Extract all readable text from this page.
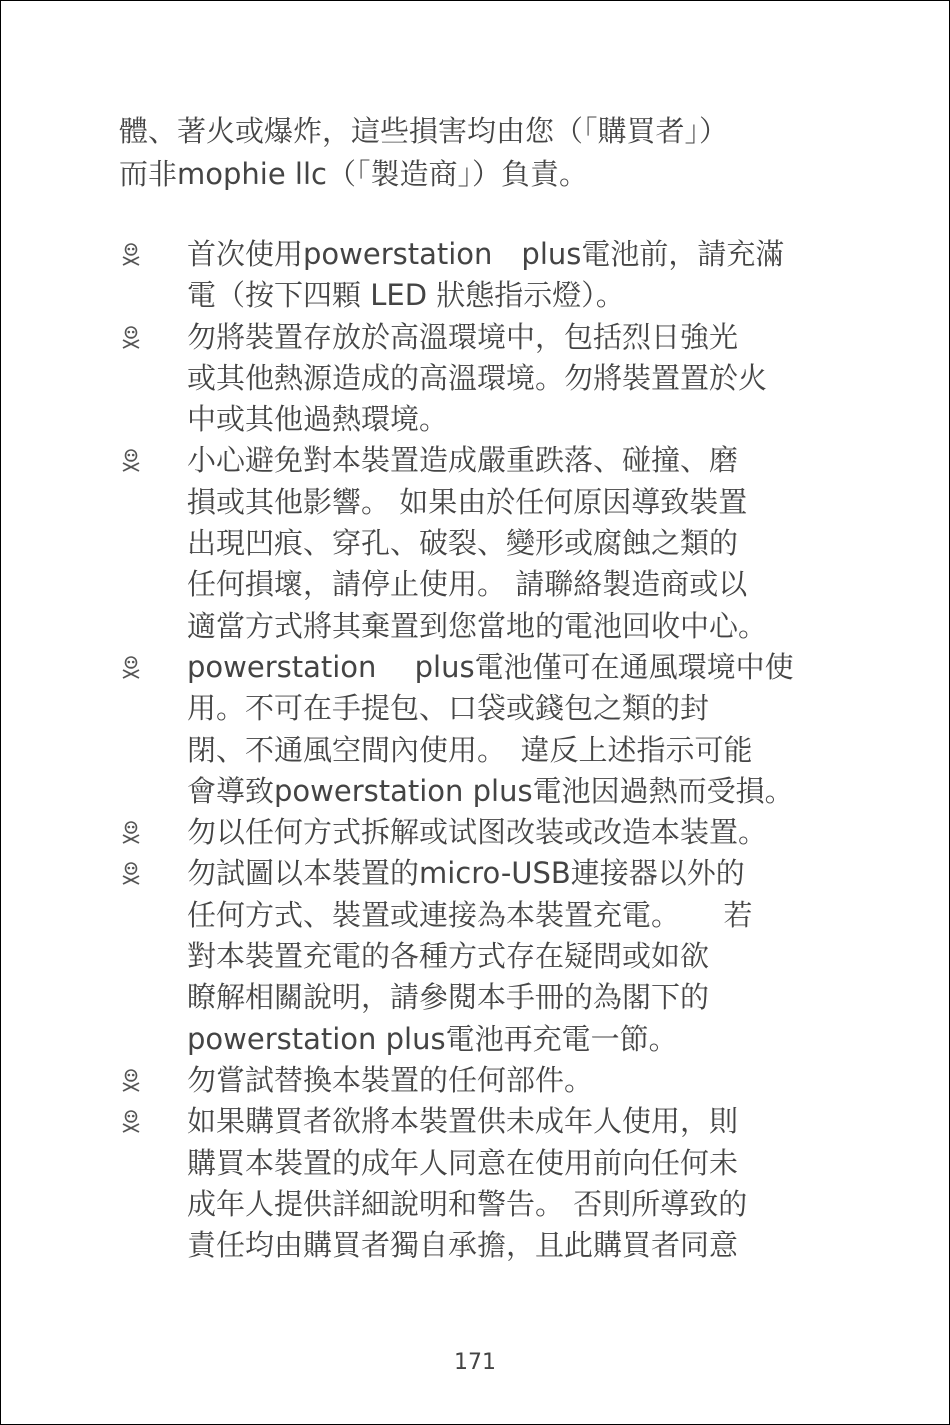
體、著火或爆炸，這些損害均由您（「購買者」）
而非mophie llc（「製造商」）負責。
首次使用powerstation　plus電池前，請充滿
電（按下四顆 LED 狀態指示燈）。
勿將裝置存放於高溫環境中，包括烈日強光
或其他熱源造成的高溫環境。勿將裝置置於火
中或其他過熱環境。
小心避免對本裝置造成嚴重跌落、碰撞、磨
損或其他影響。 如果由於任何原因導致裝置
出現凹痕、穿孔、破裂、變形或腐蝕之類的
任何損壞，請停止使用。 請聯絡製造商或以
適當方式將其棄置到您當地的電池回收中心。
powerstation　 plus電池僅可在通風環境中使
用。不可在手提包、口袋或錢包之類的封
閉、不通風空間內使用。　違反上述指示可能
會導致powerstation plus電池因過熱而受損。
勿以任何方式拆解或试图改装或改造本装置。
勿試圖以本裝置的micro-USB連接器以外的
任何方式、裝置或連接為本裝置充電。　　若
對本裝置充電的各種方式存在疑問或如欲
瞭解相關說明，請參閱本手冊的為閣下的
powerstation plus電池再充電一節。
勿嘗試替換本裝置的任何部件。
如果購買者欲將本裝置供未成年人使用，則
購買本裝置的成年人同意在使用前向任何未
成年人提供詳細說明和警告。 否則所導致的
責任均由購買者獨自承擔，且此購買者同意
171
